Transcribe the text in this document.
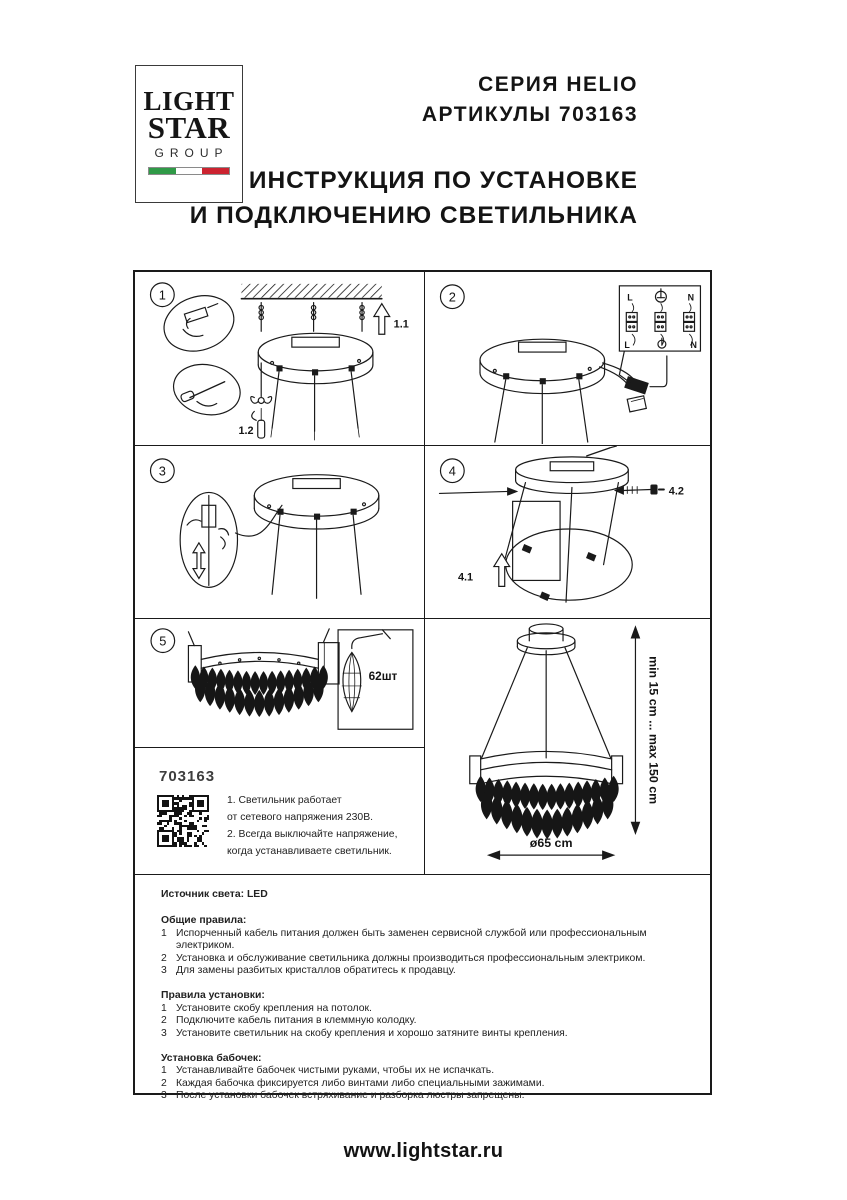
LIGHT
STAR
GROUP
СЕРИЯ HELIO
АРТИКУЛЫ 703163
ИНСТРУКЦИЯ ПО УСТАНОВКЕ
И ПОДКЛЮЧЕНИЮ СВЕТИЛЬНИКА
1
1.1
1.2
2	L	N
L	N
3	4
4.1
4.2
5
62шт
703163
1. Светильник работает
от сетевого напряжения 230В.
2. Всегда выключайте напряжение,
когда устанавливаете светильник.
min 15 cm ... max 150 cm
ø65 cm
Источник света: LED
Общие правила:
1 Испорченный кабель питания должен быть заменен сервисной службой или профессиональным электриком.
2 Установка и обслуживание светильника должны производиться профессиональным электриком.
3 Для замены разбитых кристаллов обратитесь к продавцу.
Правила установки:
1 Установите скобу крепления на потолок.
2 Подключите кабель питания в клеммную колодку.
3 Установите светильник на скобу крепления и хорошо затяните винты крепления.
Установка бабочек:
1 Устанавливайте бабочек чистыми руками, чтобы их не испачкать.
2 Каждая бабочка фиксируется либо винтами либо специальными зажимами.
3 После установки бабочек встряхивание и разборка люстры запрещены.
www.lightstar.ru
